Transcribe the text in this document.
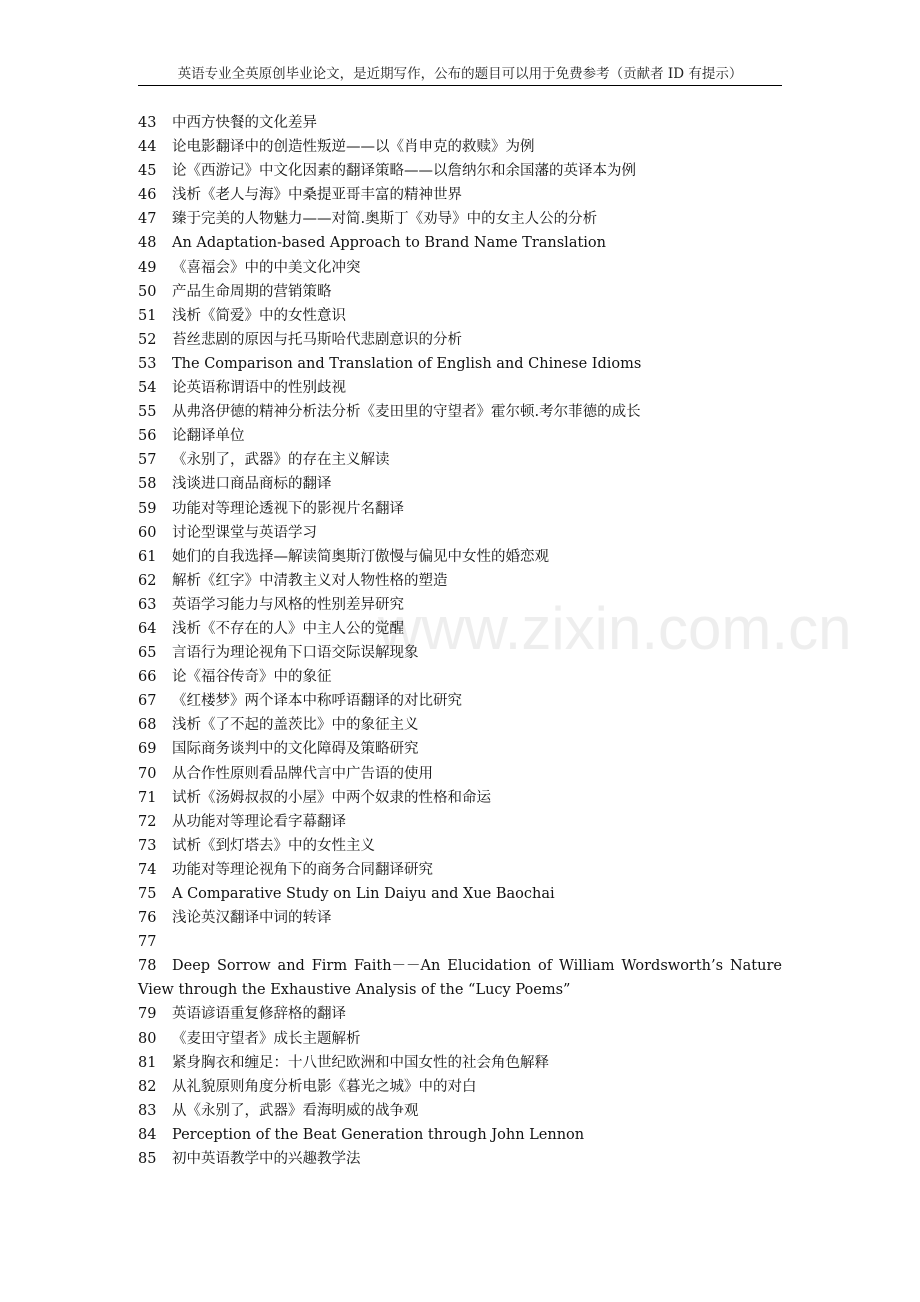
英语专业全英原创毕业论文，是近期写作，公布的题目可以用于免费参考（贡献者 ID 有提示）
www.zixin.com.cn
43 中西方快餐的文化差异
44 论电影翻译中的创造性叛逆——以《肖申克的救赎》为例
45 论《西游记》中文化因素的翻译策略——以詹纳尔和余国藩的英译本为例
46 浅析《老人与海》中桑提亚哥丰富的精神世界
47 臻于完美的人物魅力——对简.奥斯丁《劝导》中的女主人公的分析
48 An Adaptation-based Approach to Brand Name Translation
49 《喜福会》中的中美文化冲突
50 产品生命周期的营销策略
51 浅析《简爱》中的女性意识
52 苔丝悲剧的原因与托马斯哈代悲剧意识的分析
53 The Comparison and Translation of English and Chinese Idioms
54 论英语称谓语中的性别歧视
55 从弗洛伊德的精神分析法分析《麦田里的守望者》霍尔顿.考尔菲德的成长
56 论翻译单位
57 《永别了，武器》的存在主义解读
58 浅谈进口商品商标的翻译
59 功能对等理论透视下的影视片名翻译
60 讨论型课堂与英语学习
61 她们的自我选择—解读简奥斯汀傲慢与偏见中女性的婚恋观
62 解析《红字》中清教主义对人物性格的塑造
63 英语学习能力与风格的性别差异研究
64 浅析《不存在的人》中主人公的觉醒
65 言语行为理论视角下口语交际误解现象
66 论《福谷传奇》中的象征
67 《红楼梦》两个译本中称呼语翻译的对比研究
68 浅析《了不起的盖茨比》中的象征主义
69 国际商务谈判中的文化障碍及策略研究
70 从合作性原则看品牌代言中广告语的使用
71 试析《汤姆叔叔的小屋》中两个奴隶的性格和命运
72 从功能对等理论看字幕翻译
73 试析《到灯塔去》中的女性主义
74 功能对等理论视角下的商务合同翻译研究
75 A Comparative Study on Lin Daiyu and Xue Baochai
76 浅论英汉翻译中词的转译
77
78 Deep Sorrow and Firm Faith－－An Elucidation of William Wordsworth’s Nature View through the Exhaustive Analysis of the “Lucy Poems”
79 英语谚语重复修辞格的翻译
80 《麦田守望者》成长主题解析
81 紧身胸衣和缠足：十八世纪欧洲和中国女性的社会角色解释
82 从礼貌原则角度分析电影《暮光之城》中的对白
83 从《永别了，武器》看海明威的战争观
84 Perception of the Beat Generation through John Lennon
85 初中英语教学中的兴趣教学法
